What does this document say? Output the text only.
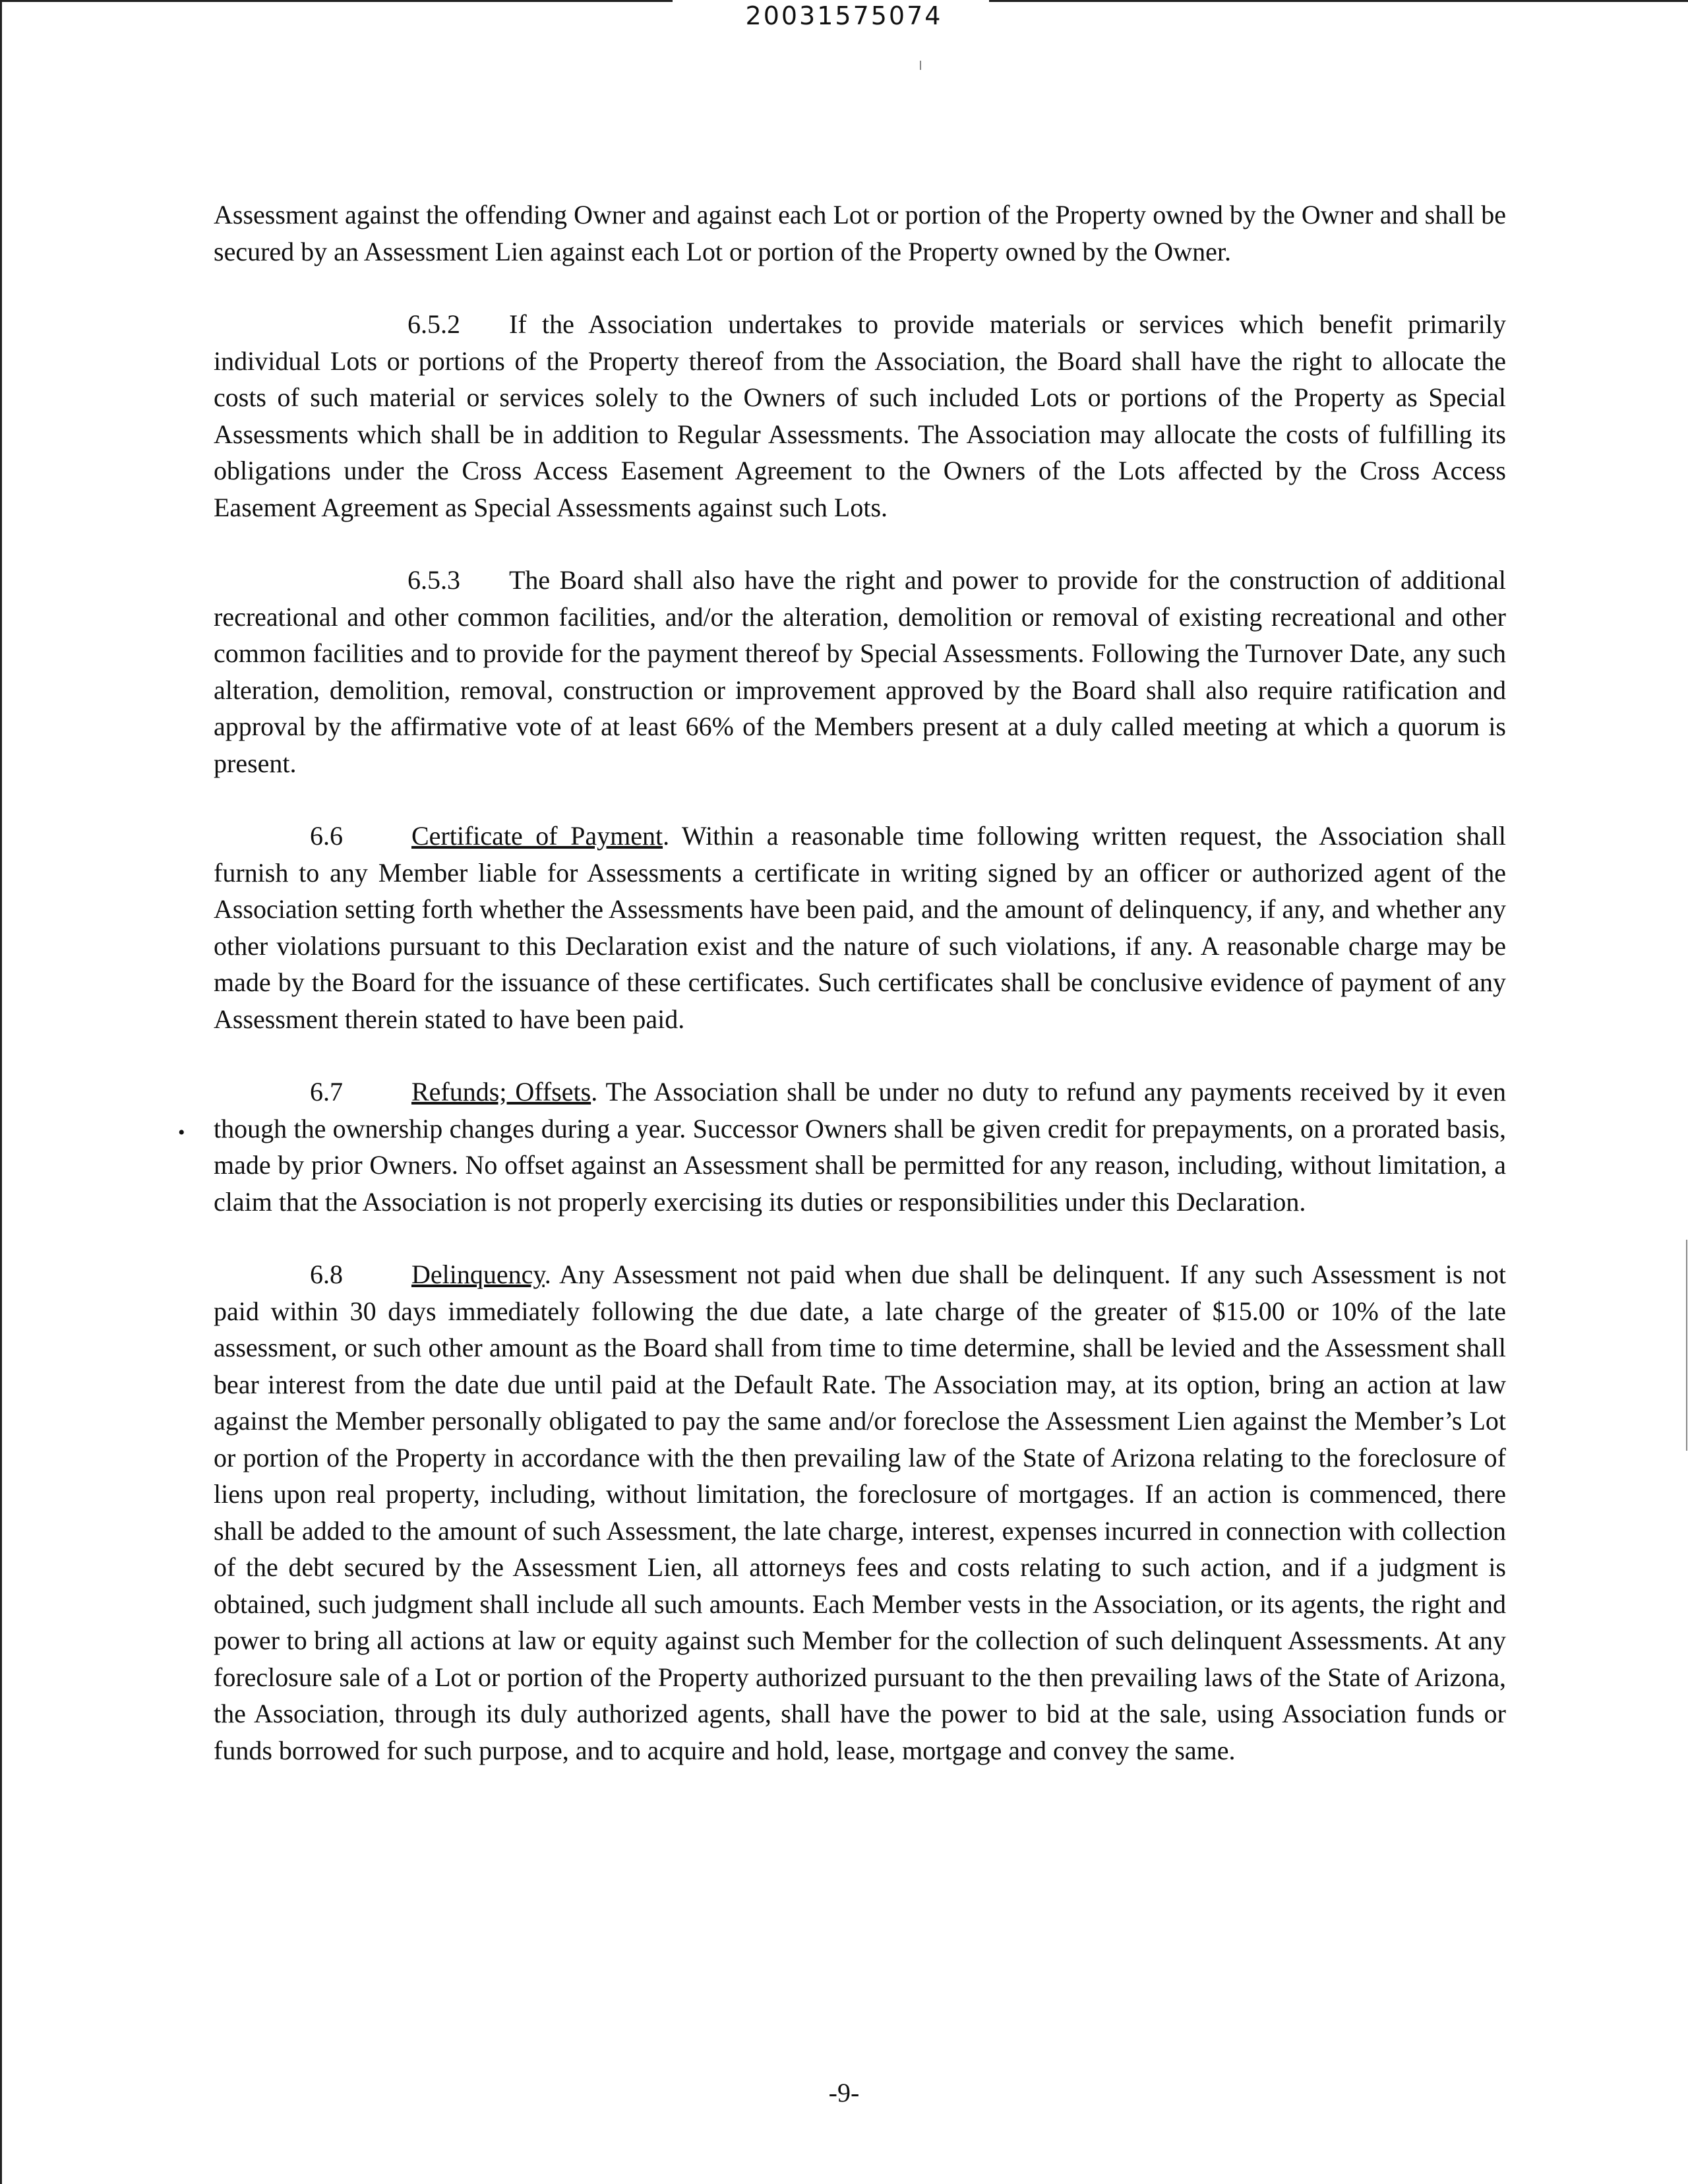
20031575074

Assessment against the offending Owner and against each Lot or portion of the Property owned by the Owner and shall be secured by an Assessment Lien against each Lot or portion of the Property owned by the Owner.

6.5.2 If the Association undertakes to provide materials or services which benefit primarily individual Lots or portions of the Property thereof from the Association, the Board shall have the right to allocate the costs of such material or services solely to the Owners of such included Lots or portions of the Property as Special Assessments which shall be in addition to Regular Assessments. The Association may allocate the costs of fulfilling its obligations under the Cross Access Easement Agreement to the Owners of the Lots affected by the Cross Access Easement Agreement as Special Assessments against such Lots.

6.5.3 The Board shall also have the right and power to provide for the construction of additional recreational and other common facilities, and/or the alteration, demolition or removal of existing recreational and other common facilities and to provide for the payment thereof by Special Assessments. Following the Turnover Date, any such alteration, demolition, removal, construction or improvement approved by the Board shall also require ratification and approval by the affirmative vote of at least 66% of the Members present at a duly called meeting at which a quorum is present.

6.6	Certificate of Payment. Within a reasonable time following written request, the Association shall furnish to any Member liable for Assessments a certificate in writing signed by an officer or authorized agent of the Association setting forth whether the Assessments have been paid, and the amount of delinquency, if any, and whether any other violations pursuant to this Declaration exist and the nature of such violations, if any. A reasonable charge may be made by the Board for the issuance of these certificates. Such certificates shall be conclusive evidence of payment of any Assessment therein stated to have been paid.

6.7	Refunds; Offsets. The Association shall be under no duty to refund any payments received by it even though the ownership changes during a year. Successor Owners shall be given credit for prepayments, on a prorated basis, made by prior Owners. No offset against an Assessment shall be permitted for any reason, including, without limitation, a claim that the Association is not properly exercising its duties or responsibilities under this Declaration.

6.8	Delinquency. Any Assessment not paid when due shall be delinquent. If any such Assessment is not paid within 30 days immediately following the due date, a late charge of the greater of $15.00 or 10% of the late assessment, or such other amount as the Board shall from time to time determine, shall be levied and the Assessment shall bear interest from the date due until paid at the Default Rate. The Association may, at its option, bring an action at law against the Member personally obligated to pay the same and/or foreclose the Assessment Lien against the Member’s Lot or portion of the Property in accordance with the then prevailing law of the State of Arizona relating to the foreclosure of liens upon real property, including, without limitation, the foreclosure of mortgages. If an action is commenced, there shall be added to the amount of such Assessment, the late charge, interest, expenses incurred in connection with collection of the debt secured by the Assessment Lien, all attorneys fees and costs relating to such action, and if a judgment is obtained, such judgment shall include all such amounts. Each Member vests in the Association, or its agents, the right and power to bring all actions at law or equity against such Member for the collection of such delinquent Assessments. At any foreclosure sale of a Lot or portion of the Property authorized pursuant to the then prevailing laws of the State of Arizona, the Association, through its duly authorized agents, shall have the power to bid at the sale, using Association funds or funds borrowed for such purpose, and to acquire and hold, lease, mortgage and convey the same.

•
-9-
